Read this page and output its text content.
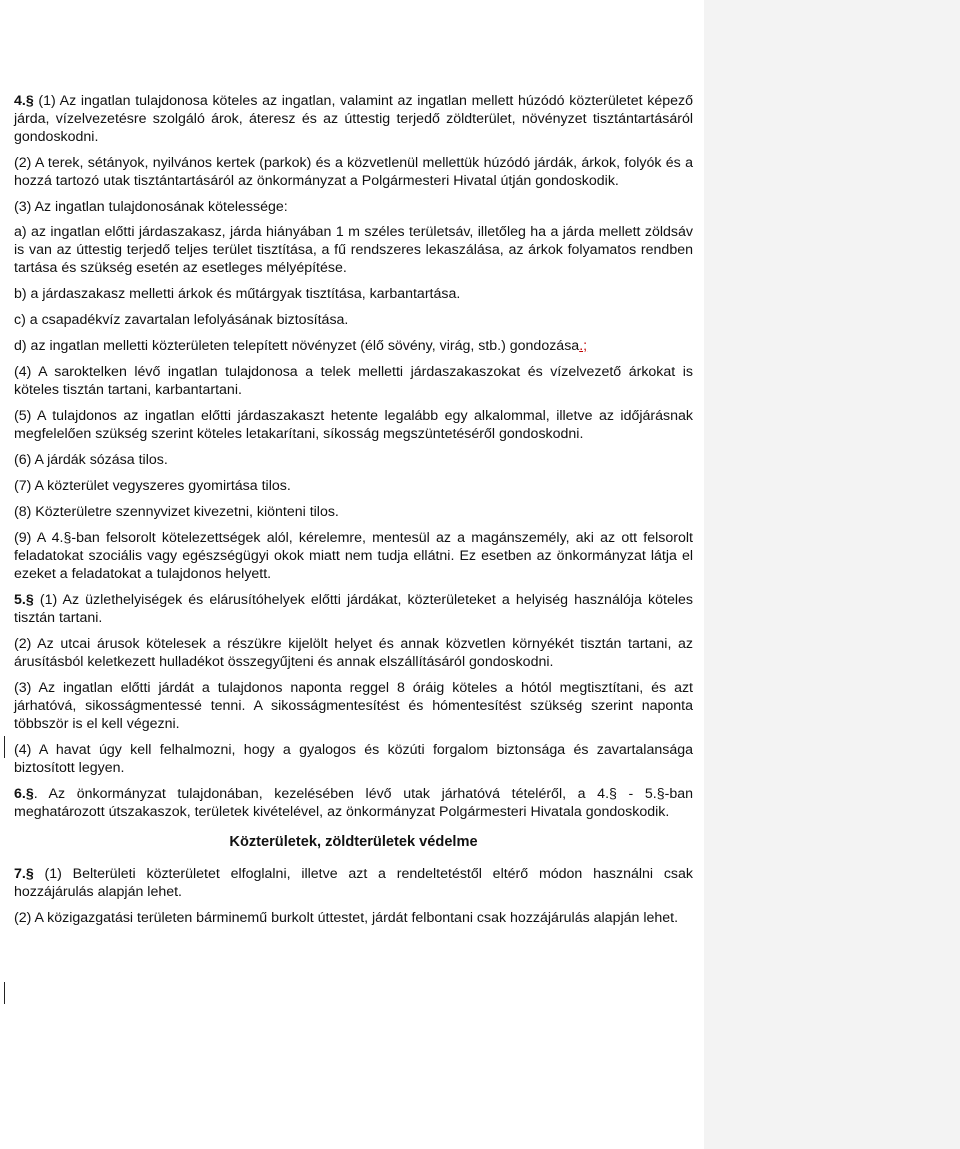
4.§ (1) Az ingatlan tulajdonosa köteles az ingatlan, valamint az ingatlan mellett húzódó közterületet képező járda, vízelvezetésre szolgáló árok, áteresz és az úttestig terjedő zöldterület, növényzet tisztántartásáról gondoskodni.

(2) A terek, sétányok, nyilvános kertek (parkok) és a közvetlenül mellettük húzódó járdák, árkok, folyók és a hozzá tartozó utak tisztántartásáról az önkormányzat a Polgármesteri Hivatal útján gondoskodik.

(3) Az ingatlan tulajdonosának kötelessége:

a) az ingatlan előtti járdaszakasz, járda hiányában 1 m széles területsáv, illetőleg ha a járda mellett zöldsáv is van az úttestig terjedő teljes terület tisztítása, a fű rendszeres lekaszálása, az árkok folyamatos rendben tartása és szükség esetén az esetleges mélyépítése.

b) a járdaszakasz melletti árkok és műtárgyak tisztítása, karbantartása.

c) a csapadékvíz zavartalan lefolyásának biztosítása.

d) az ingatlan melletti közterületen telepített növényzet (élő sövény, virág, stb.) gondozása.;

(4) A saroktelken lévő ingatlan tulajdonosa a telek melletti járdaszakaszokat és vízelvezető árkokat is köteles tisztán tartani, karbantartani.

(5) A tulajdonos az ingatlan előtti járdaszakaszt hetente legalább egy alkalommal, illetve az időjárásnak megfelelően szükség szerint köteles letakarítani, síkosság megszüntetéséről gondoskodni.

(6) A járdák sózása tilos.

(7) A közterület vegyszeres gyomirtása tilos.

(8) Közterületre szennyvizet kivezetni, kiönteni tilos.

(9) A 4.§-ban felsorolt kötelezettségek alól, kérelemre, mentesül az a magánszemély, aki az ott felsorolt feladatokat szociális vagy egészségügyi okok miatt nem tudja ellátni. Ez esetben az önkormányzat látja el ezeket a feladatokat a tulajdonos helyett.

5.§ (1) Az üzlethelyiségek és elárusítóhelyek előtti járdákat, közterületeket a helyiség használója köteles tisztán tartani.

(2) Az utcai árusok kötelesek a részükre kijelölt helyet és annak közvetlen környékét tisztán tartani, az árusításból keletkezett hulladékot összegyűjteni és annak elszállításáról gondoskodni.

(3) Az ingatlan előtti járdát a tulajdonos naponta reggel 8 óráig köteles a hótól megtisztítani, és azt járhatóvá, sikosságmentessé tenni. A sikosságmentesítést és hómentesítést szükség szerint naponta többször is el kell végezni.

(4) A havat úgy kell felhalmozni, hogy a gyalogos és közúti forgalom biztonsága és zavartalansága biztosított legyen.

6.§. Az önkormányzat tulajdonában, kezelésében lévő utak járhatóvá tételéről, a 4.§ - 5.§-ban meghatározott útszakaszok, területek kivételével, az önkormányzat Polgármesteri Hivatala gondoskodik.

Közterületek, zöldterületek védelme

7.§ (1) Belterületi közterületet elfoglalni, illetve azt a rendeltetéstől eltérő módon használni csak hozzájárulás alapján lehet.

(2) A közigazgatási területen bárminemű burkolt úttestet, járdát felbontani csak hozzájárulás alapján lehet.
